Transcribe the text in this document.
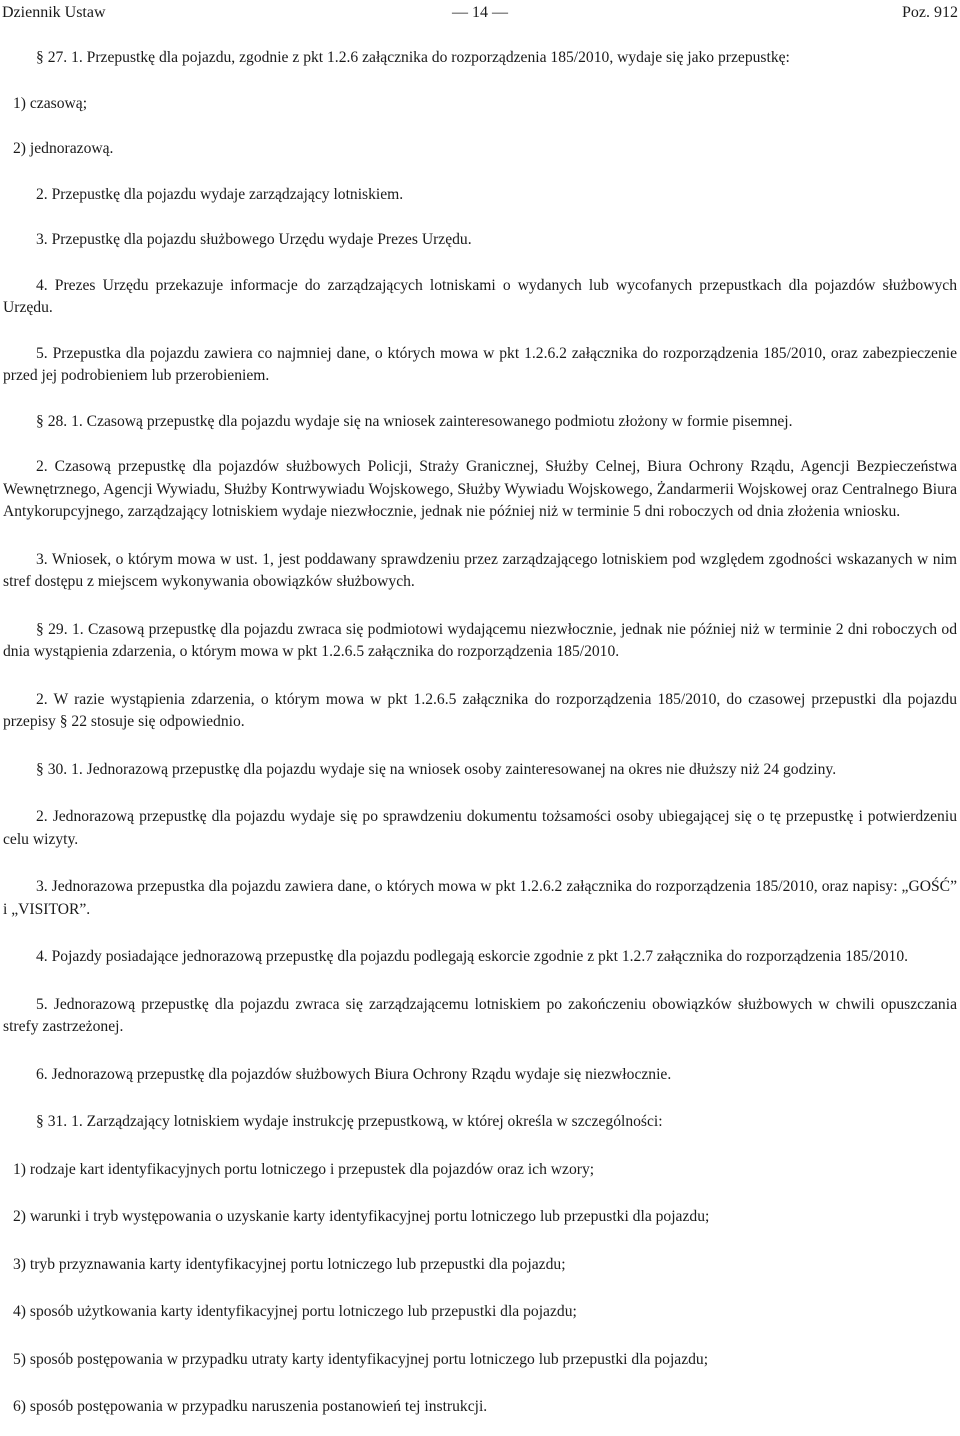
Dziennik Ustaw	— 14 —	Poz. 912

§ 27. 1. Przepustkę dla pojazdu, zgodnie z pkt 1.2.6 załącznika do rozporządzenia 185/2010, wydaje się jako przepustkę:

1) czasową;

2) jednorazową.

2. Przepustkę dla pojazdu wydaje zarządzający lotniskiem.

3. Przepustkę dla pojazdu służbowego Urzędu wydaje Prezes Urzędu.

4. Prezes Urzędu przekazuje informacje do zarządzających lotniskami o wydanych lub wycofanych przepustkach dla pojazdów służbowych Urzędu.

5. Przepustka dla pojazdu zawiera co najmniej dane, o których mowa w pkt 1.2.6.2 załącznika do rozporządzenia 185/2010, oraz zabezpieczenie przed jej podrobieniem lub przerobieniem.

§ 28. 1. Czasową przepustkę dla pojazdu wydaje się na wniosek zainteresowanego podmiotu złożony w formie pisemnej.

2. Czasową przepustkę dla pojazdów służbowych Policji, Straży Granicznej, Służby Celnej, Biura Ochrony Rządu, Agencji Bezpieczeństwa Wewnętrznego, Agencji Wywiadu, Służby Kontrwywiadu Wojskowego, Służby Wywiadu Wojskowego, Żandarmerii Wojskowej oraz Centralnego Biura Antykorupcyjnego, zarządzający lotniskiem wydaje niezwłocznie, jednak nie później niż w terminie 5 dni roboczych od dnia złożenia wniosku.

3. Wniosek, o którym mowa w ust. 1, jest poddawany sprawdzeniu przez zarządzającego lotniskiem pod względem zgodności wskazanych w nim stref dostępu z miejscem wykonywania obowiązków służbowych.

§ 29. 1. Czasową przepustkę dla pojazdu zwraca się podmiotowi wydającemu niezwłocznie, jednak nie później niż w terminie 2 dni roboczych od dnia wystąpienia zdarzenia, o którym mowa w pkt 1.2.6.5 załącznika do rozporządzenia 185/2010.

2. W razie wystąpienia zdarzenia, o którym mowa w pkt 1.2.6.5 załącznika do rozporządzenia 185/2010, do czasowej przepustki dla pojazdu przepisy § 22 stosuje się odpowiednio.

§ 30. 1. Jednorazową przepustkę dla pojazdu wydaje się na wniosek osoby zainteresowanej na okres nie dłuższy niż 24 godziny.

2. Jednorazową przepustkę dla pojazdu wydaje się po sprawdzeniu dokumentu tożsamości osoby ubiegającej się o tę przepustkę i potwierdzeniu celu wizyty.

3. Jednorazowa przepustka dla pojazdu zawiera dane, o których mowa w pkt 1.2.6.2 załącznika do rozporządzenia 185/2010, oraz napisy: „GOŚĆ” i „VISITOR”.

4. Pojazdy posiadające jednorazową przepustkę dla pojazdu podlegają eskorcie zgodnie z pkt 1.2.7 załącznika do rozporządzenia 185/2010.

5. Jednorazową przepustkę dla pojazdu zwraca się zarządzającemu lotniskiem po zakończeniu obowiązków służbowych w chwili opuszczania strefy zastrzeżonej.

6. Jednorazową przepustkę dla pojazdów służbowych Biura Ochrony Rządu wydaje się niezwłocznie.

§ 31. 1. Zarządzający lotniskiem wydaje instrukcję przepustkową, w której określa w szczególności:

1) rodzaje kart identyfikacyjnych portu lotniczego i przepustek dla pojazdów oraz ich wzory;

2) warunki i tryb występowania o uzyskanie karty identyfikacyjnej portu lotniczego lub przepustki dla pojazdu;

3) tryb przyznawania karty identyfikacyjnej portu lotniczego lub przepustki dla pojazdu;

4) sposób użytkowania karty identyfikacyjnej portu lotniczego lub przepustki dla pojazdu;

5) sposób postępowania w przypadku utraty karty identyfikacyjnej portu lotniczego lub przepustki dla pojazdu;

6) sposób postępowania w przypadku naruszenia postanowień tej instrukcji.
